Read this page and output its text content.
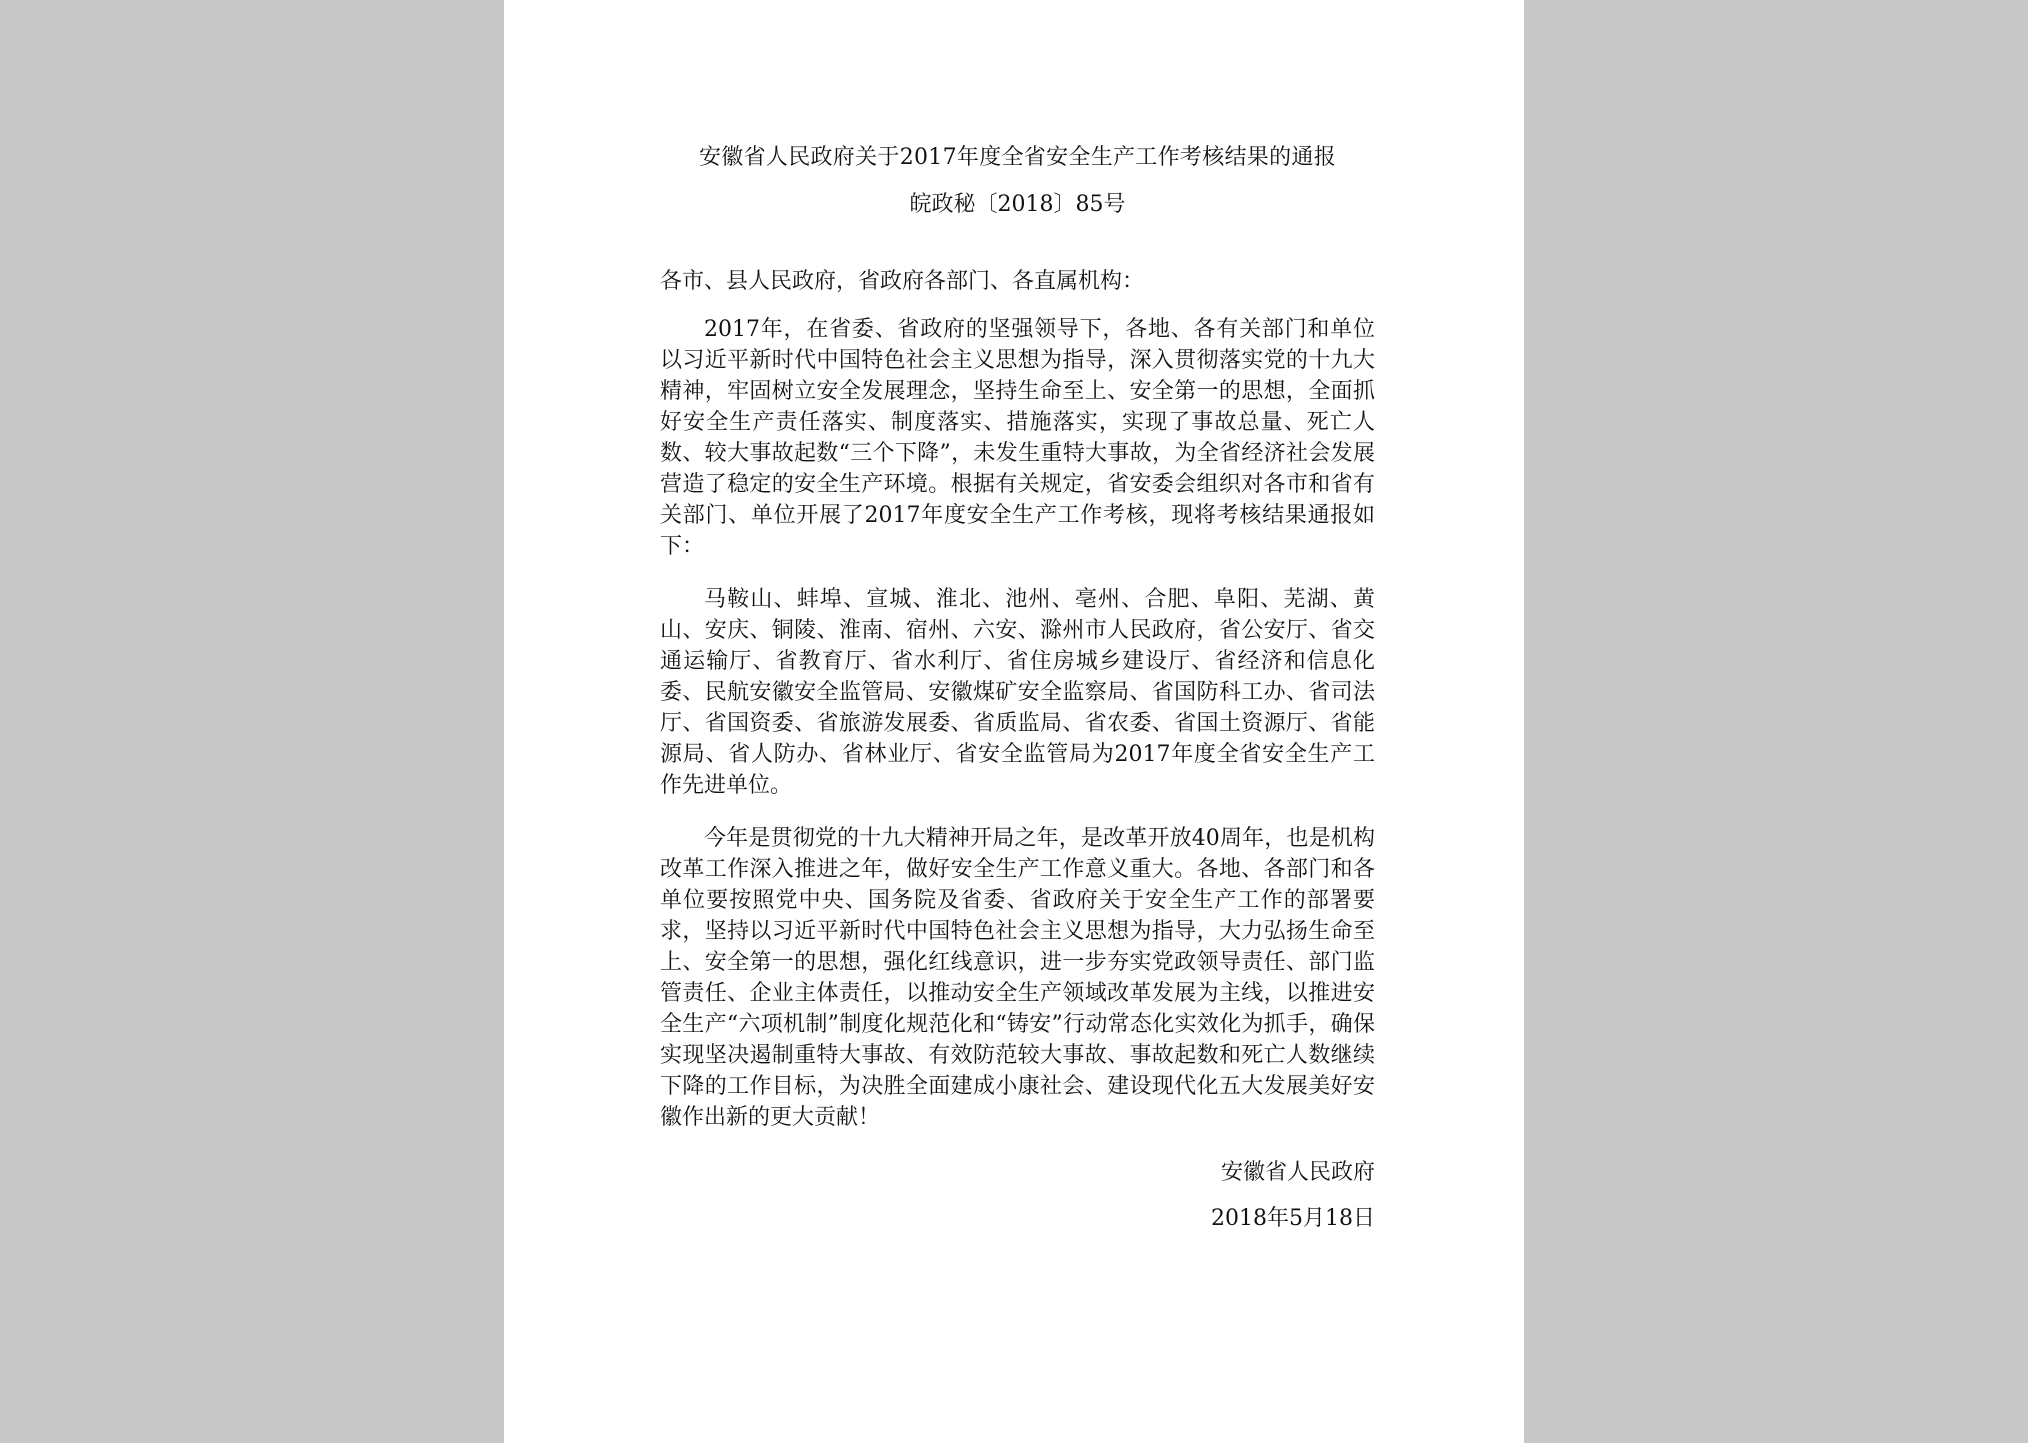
安徽省人民政府关于2017年度全省安全生产工作考核结果的通报
皖政秘〔2018〕85号
各市、县人民政府，省政府各部门、各直属机构：

2017年，在省委、省政府的坚强领导下，各地、各有关部门和单位以习近平新时代中国特色社会主义思想为指导，深入贯彻落实党的十九大精神，牢固树立安全发展理念，坚持生命至上、安全第一的思想，全面抓好安全生产责任落实、制度落实、措施落实，实现了事故总量、死亡人数、较大事故起数“三个下降”，未发生重特大事故，为全省经济社会发展营造了稳定的安全生产环境。根据有关规定，省安委会组织对各市和省有关部门、单位开展了2017年度安全生产工作考核，现将考核结果通报如下：

马鞍山、蚌埠、宣城、淮北、池州、亳州、合肥、阜阳、芜湖、黄山、安庆、铜陵、淮南、宿州、六安、滁州市人民政府，省公安厅、省交通运输厅、省教育厅、省水利厅、省住房城乡建设厅、省经济和信息化委、民航安徽安全监管局、安徽煤矿安全监察局、省国防科工办、省司法厅、省国资委、省旅游发展委、省质监局、省农委、省国土资源厅、省能源局、省人防办、省林业厅、省安全监管局为2017年度全省安全生产工作先进单位。

今年是贯彻党的十九大精神开局之年，是改革开放40周年，也是机构改革工作深入推进之年，做好安全生产工作意义重大。各地、各部门和各单位要按照党中央、国务院及省委、省政府关于安全生产工作的部署要求，坚持以习近平新时代中国特色社会主义思想为指导，大力弘扬生命至上、安全第一的思想，强化红线意识，进一步夯实党政领导责任、部门监管责任、企业主体责任，以推动安全生产领域改革发展为主线，以推进安全生产“六项机制”制度化规范化和“铸安”行动常态化实效化为抓手，确保实现坚决遏制重特大事故、有效防范较大事故、事故起数和死亡人数继续下降的工作目标，为决胜全面建成小康社会、建设现代化五大发展美好安徽作出新的更大贡献！

安徽省人民政府
2018年5月18日
